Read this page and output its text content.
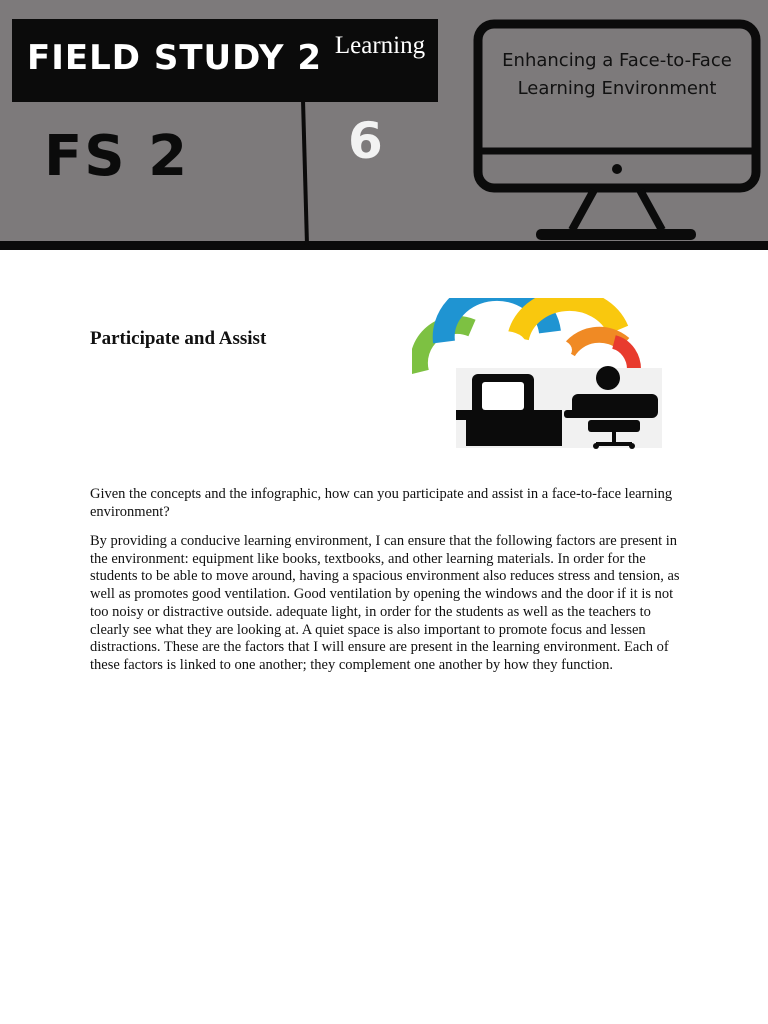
FIELD STUDY 2 Learning
FS 2	6
Enhancing a Face-to-Face Learning Environment
Participate and Assist

Given the concepts and the infographic, how can you participate and assist in a face-to-face learning environment?

By providing a conducive learning environment, I can ensure that the following factors are present in the environment: equipment like books, textbooks, and other learning materials. In order for the students to be able to move around, having a spacious environment also reduces stress and tension, as well as promotes good ventilation. Good ventilation by opening the windows and the door if it is not too noisy or distractive outside. adequate light, in order for the students as well as the teachers to clearly see what they are looking at. A quiet space is also important to promote focus and lessen distractions. These are the factors that I will ensure are present in the learning environment. Each of these factors is linked to one another; they complement one another by how they function.
